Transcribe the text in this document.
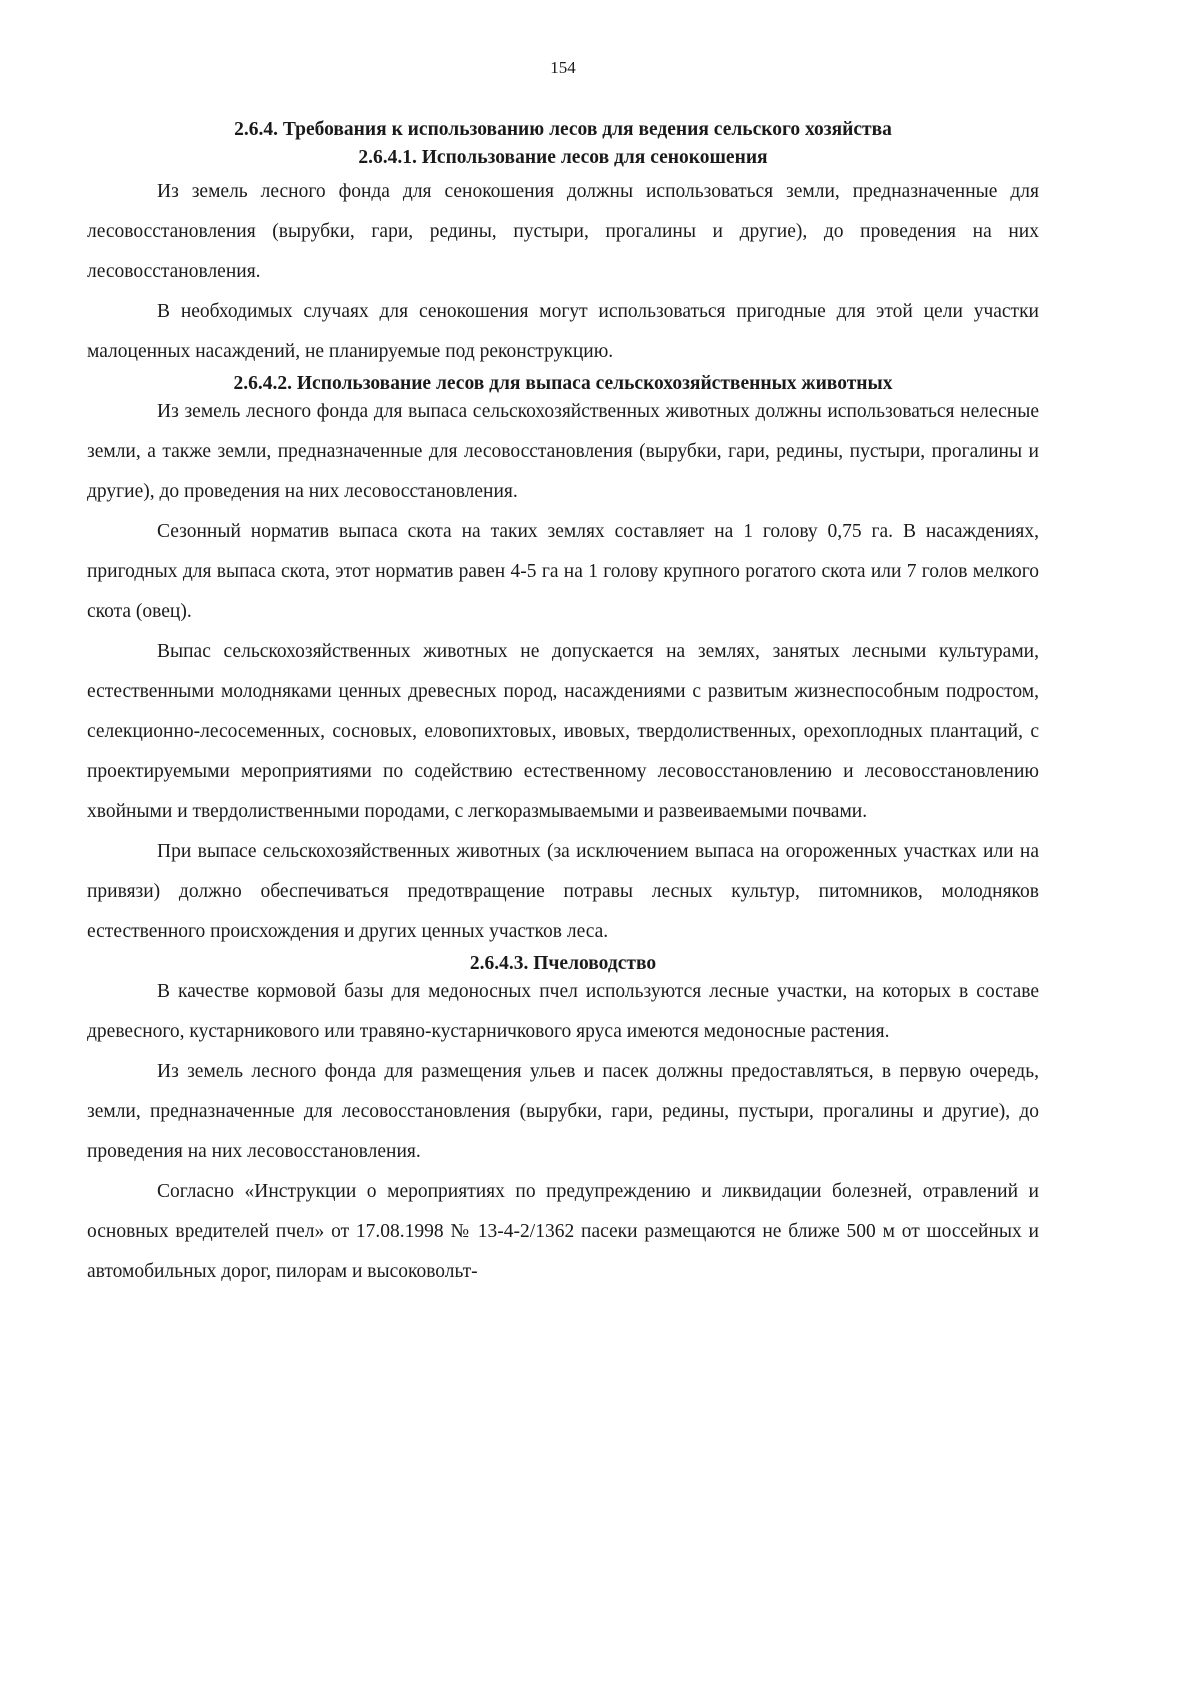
154

2.6.4. Требования к использованию лесов для ведения сельского хозяйства

2.6.4.1. Использование лесов для сенокошения

Из земель лесного фонда для сенокошения должны использоваться земли, предназначенные для лесовосстановления (вырубки, гари, редины, пустыри, прогалины и другие), до проведения на них лесовосстановления.

В необходимых случаях для сенокошения могут использоваться пригодные для этой цели участки малоценных насаждений, не планируемые под реконструкцию.

2.6.4.2. Использование лесов для выпаса сельскохозяйственных животных

Из земель лесного фонда для выпаса сельскохозяйственных животных должны использоваться нелесные земли, а также земли, предназначенные для лесовосстановления (вырубки, гари, редины, пустыри, прогалины и другие), до проведения на них лесовосстановления.

Сезонный норматив выпаса скота на таких землях составляет на 1 голову 0,75 га. В насаждениях, пригодных для выпаса скота, этот норматив равен 4-5 га на 1 голову крупного рогатого скота или 7 голов мелкого скота (овец).

Выпас сельскохозяйственных животных не допускается на землях, занятых лесными культурами, естественными молодняками ценных древесных пород, насаждениями с развитым жизнеспособным подростом, селекционно-лесосеменных, сосновых, еловопихтовых, ивовых, твердолиственных, орехоплодных плантаций, с проектируемыми мероприятиями по содействию естественному лесовосстановлению и лесовосстановлению хвойными и твердолиственными породами, с легкоразмываемыми и развеиваемыми почвами.

При выпасе сельскохозяйственных животных (за исключением выпаса на огороженных участках или на привязи) должно обеспечиваться предотвращение потравы лесных культур, питомников, молодняков естественного происхождения и других ценных участков леса.

2.6.4.3. Пчеловодство

В качестве кормовой базы для медоносных пчел используются лесные участки, на которых в составе древесного, кустарникового или травяно-кустарничкового яруса имеются медоносные растения.

Из земель лесного фонда для размещения ульев и пасек должны предоставляться, в первую очередь, земли, предназначенные для лесовосстановления (вырубки, гари, редины, пустыри, прогалины и другие), до проведения на них лесовосстановления.

Согласно «Инструкции о мероприятиях по предупреждению и ликвидации болезней, отравлений и основных вредителей пчел» от 17.08.1998 № 13-4-2/1362 пасеки размещаются не ближе 500 м от шоссейных и автомобильных дорог, пилорам и высоковольт-
